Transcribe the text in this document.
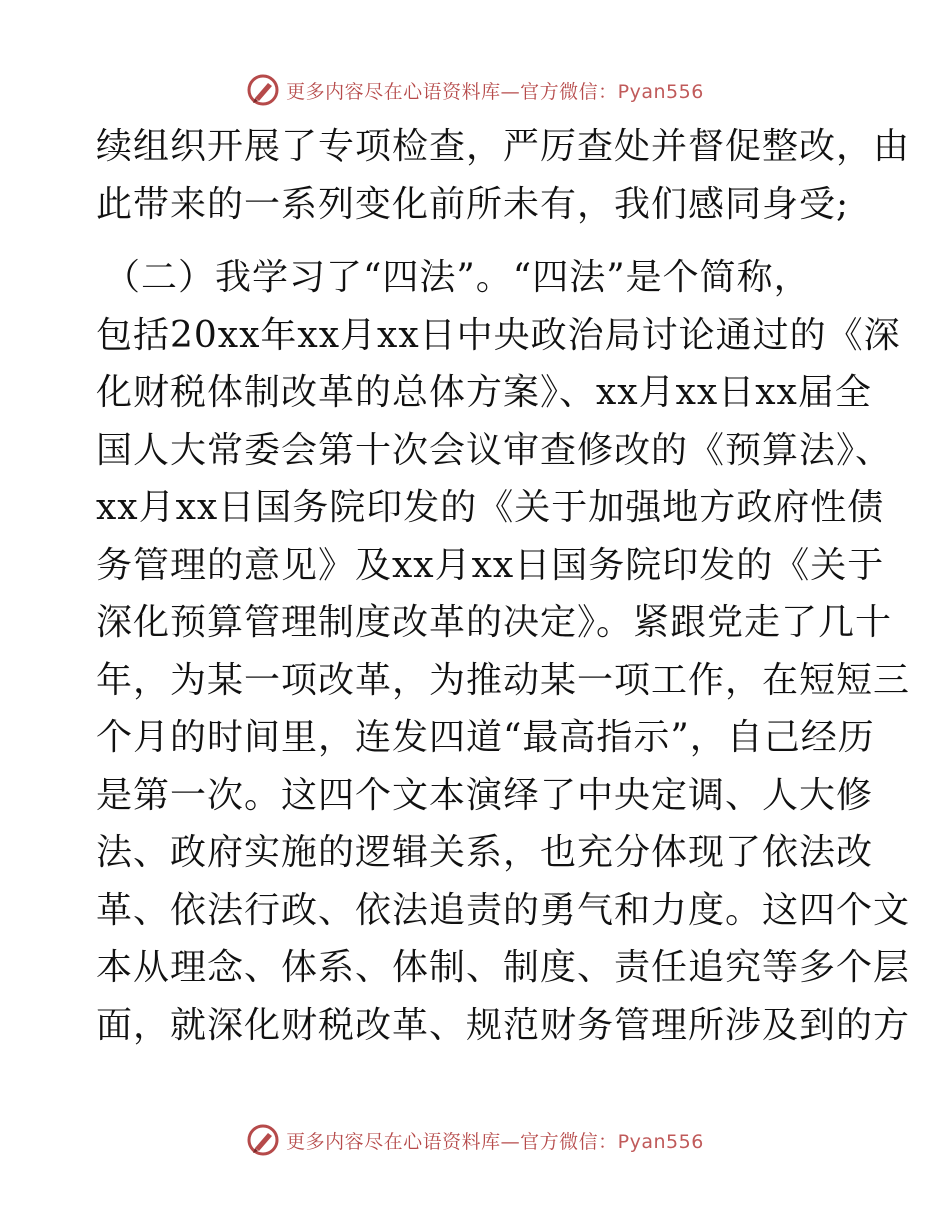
更多内容尽在心语资料库—官方微信：Pyan556
续组织开展了专项检查，严厉查处并督促整改，由
此带来的一系列变化前所未有，我们感同身受;
（二）我学习了“四法”。“四法”是个简称，
包括20xx年xx月xx日中央政治局讨论通过的《深
化财税体制改革的总体方案》、xx月xx日xx届全
国人大常委会第十次会议审查修改的《预算法》、
xx月xx日国务院印发的《关于加强地方政府性债
务管理的意见》及xx月xx日国务院印发的《关于
深化预算管理制度改革的决定》。紧跟党走了几十
年，为某一项改革，为推动某一项工作，在短短三
个月的时间里，连发四道“最高指示”，自己经历
是第一次。这四个文本演绎了中央定调、人大修
法、政府实施的逻辑关系，也充分体现了依法改
革、依法行政、依法追责的勇气和力度。这四个文
本从理念、体系、体制、制度、责任追究等多个层
面，就深化财税改革、规范财务管理所涉及到的方
更多内容尽在心语资料库—官方微信：Pyan556
